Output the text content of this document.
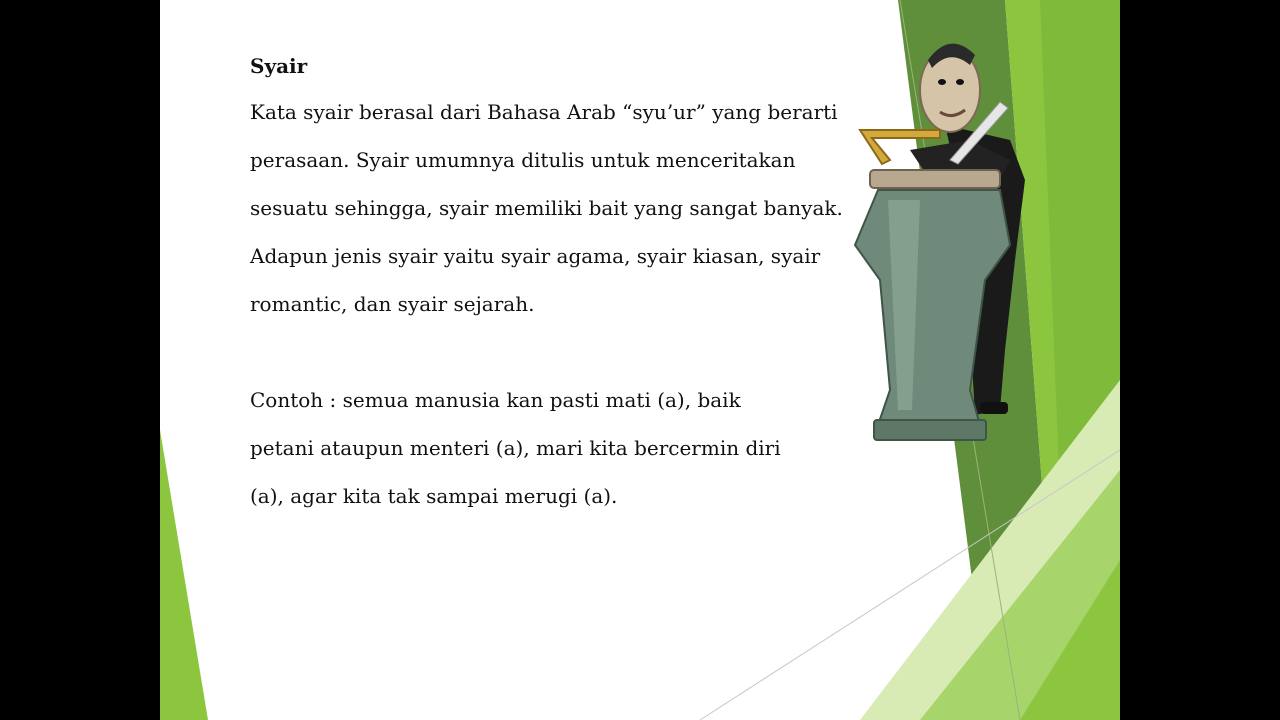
Syair

Kata syair berasal dari Bahasa Arab “syu’ur” yang berarti
perasaan. Syair umumnya ditulis untuk menceritakan
sesuatu sehingga, syair memiliki bait yang sangat banyak.
Adapun jenis syair yaitu syair agama, syair kiasan, syair
romantic, dan syair sejarah.

Contoh : semua manusia kan pasti mati (a), baik
petani ataupun menteri (a), mari kita bercermin diri
(a), agar kita tak sampai merugi (a).
